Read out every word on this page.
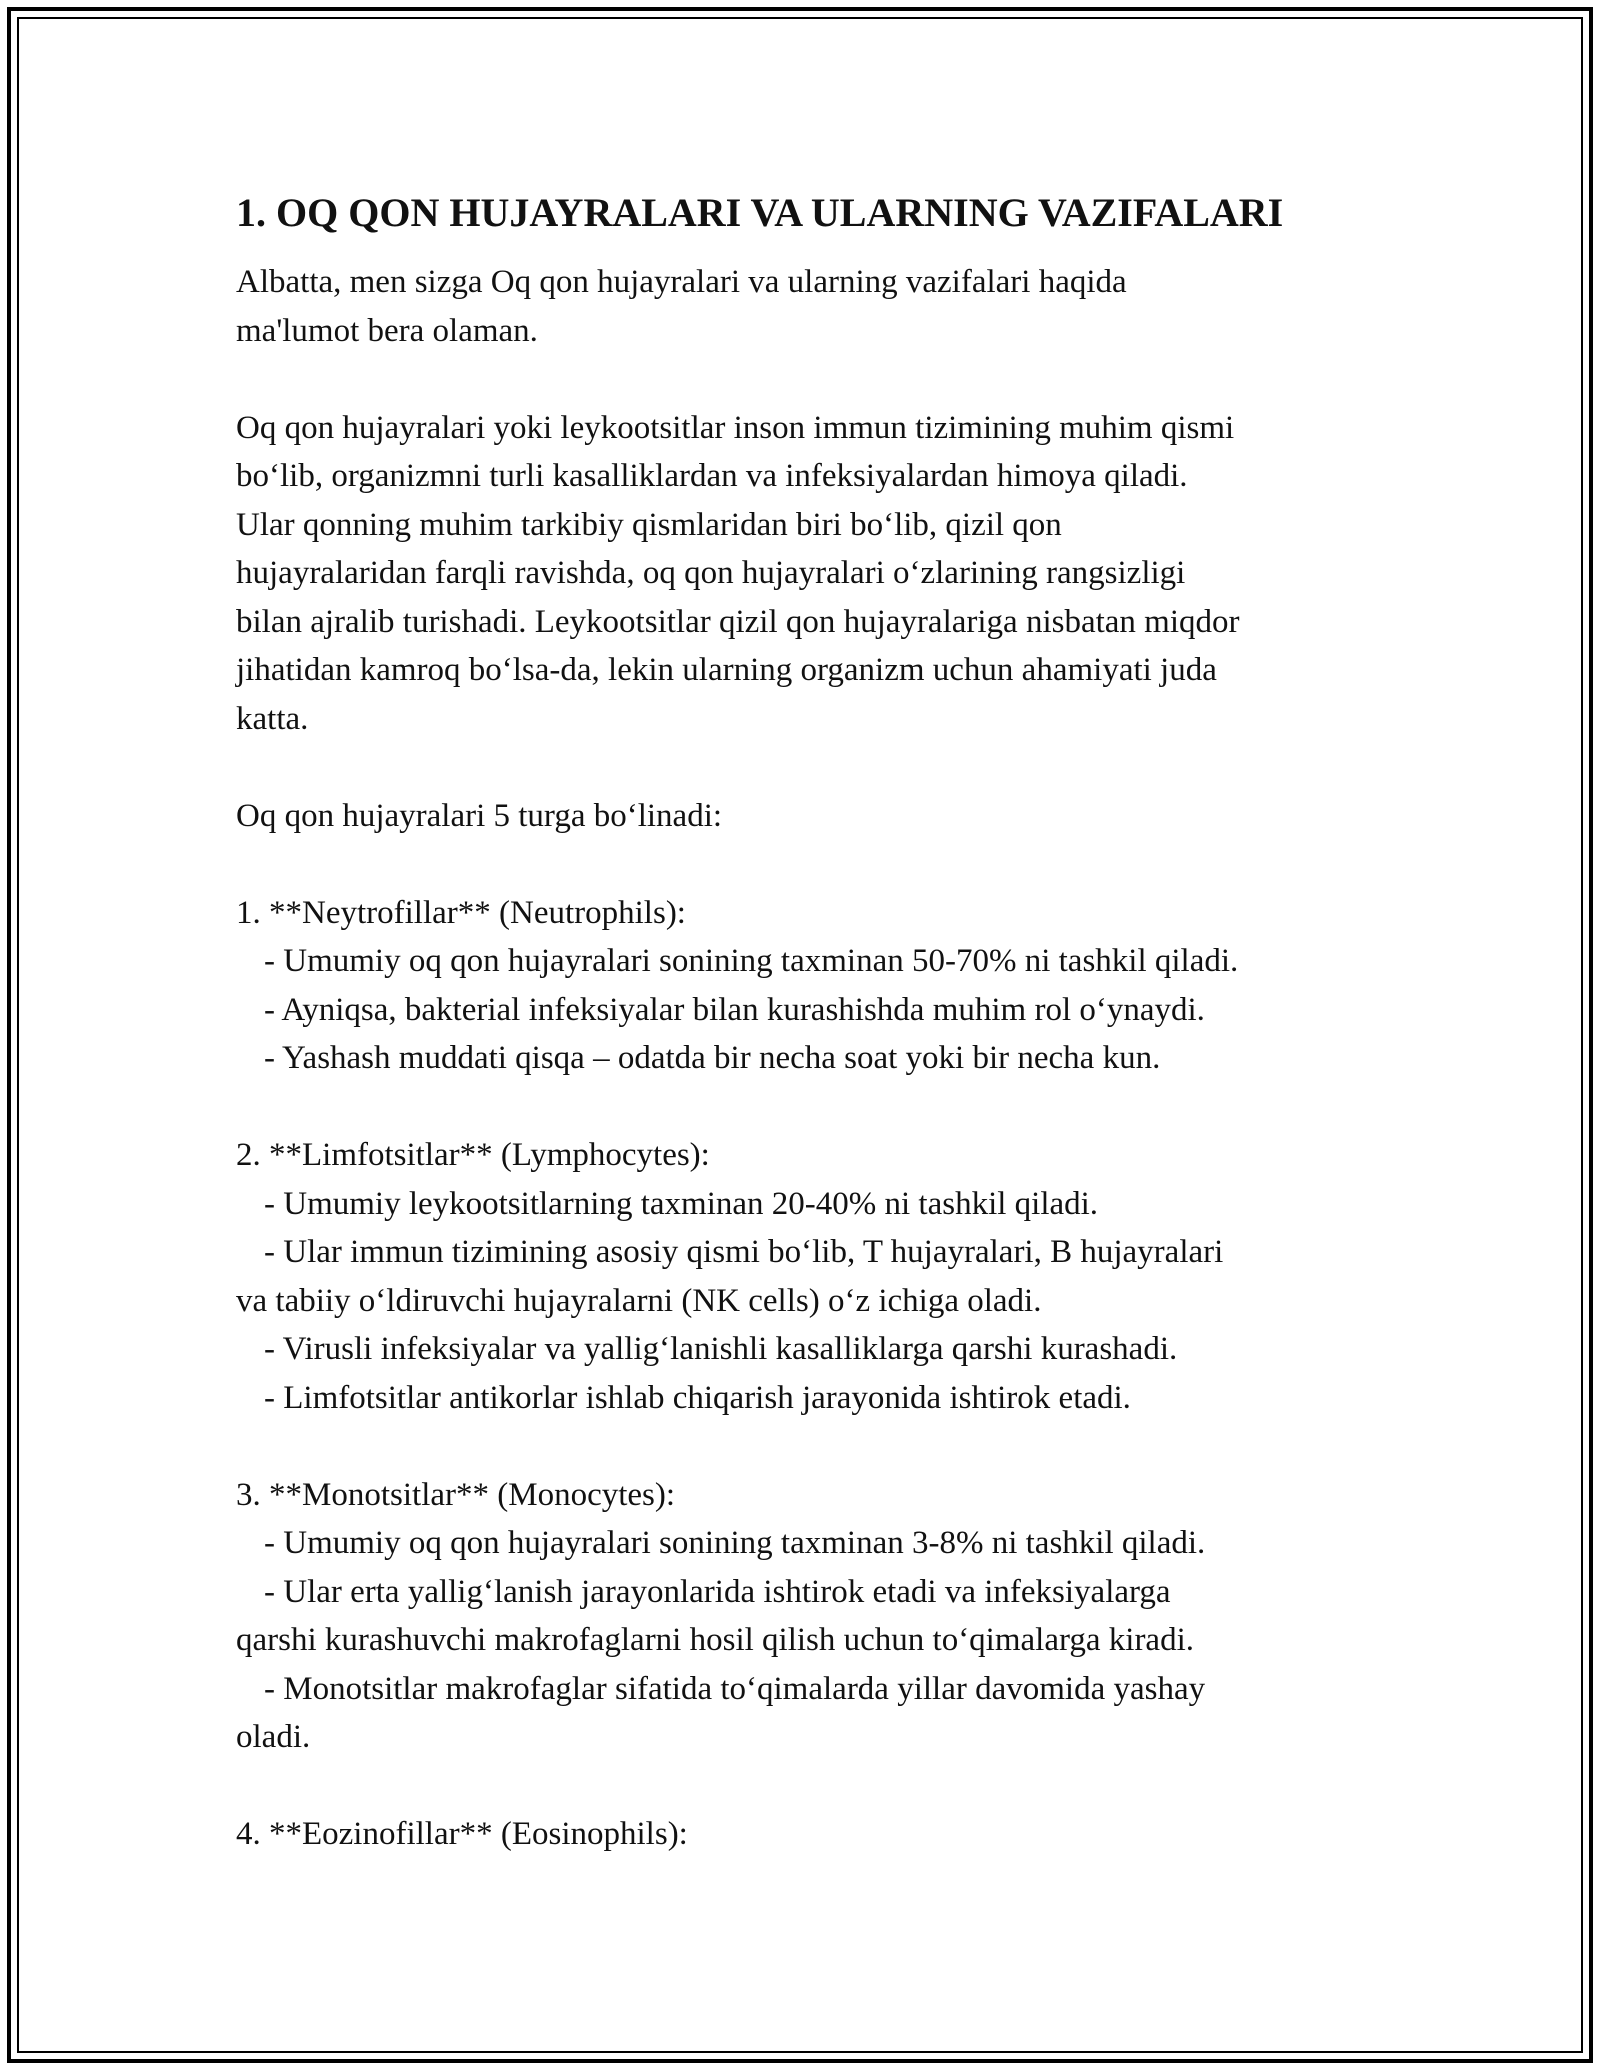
1. OQ QON HUJAYRALARI VA ULARNING VAZIFALARI
Albatta, men sizga Oq qon hujayralari va ularning vazifalari haqida
ma'lumot bera olaman.
Oq qon hujayralari yoki leykootsitlar inson immun tizimining muhim qismi
bo‘lib, organizmni turli kasalliklardan va infeksiyalardan himoya qiladi.
Ular qonning muhim tarkibiy qismlaridan biri bo‘lib, qizil qon
hujayralaridan farqli ravishda, oq qon hujayralari o‘zlarining rangsizligi
bilan ajralib turishadi. Leykootsitlar qizil qon hujayralariga nisbatan miqdor
jihatidan kamroq bo‘lsa-da, lekin ularning organizm uchun ahamiyati juda
katta.
Oq qon hujayralari 5 turga bo‘linadi:
1. **Neytrofillar** (Neutrophils):
- Umumiy oq qon hujayralari sonining taxminan 50-70% ni tashkil qiladi.
- Ayniqsa, bakterial infeksiyalar bilan kurashishda muhim rol o‘ynaydi.
- Yashash muddati qisqa – odatda bir necha soat yoki bir necha kun.
2. **Limfotsitlar** (Lymphocytes):
- Umumiy leykootsitlarning taxminan 20-40% ni tashkil qiladi.
- Ular immun tizimining asosiy qismi bo‘lib, T hujayralari, B hujayralari
va tabiiy o‘ldiruvchi hujayralarni (NK cells) o‘z ichiga oladi.
- Virusli infeksiyalar va yallig‘lanishli kasalliklarga qarshi kurashadi.
- Limfotsitlar antikorlar ishlab chiqarish jarayonida ishtirok etadi.
3. **Monotsitlar** (Monocytes):
- Umumiy oq qon hujayralari sonining taxminan 3-8% ni tashkil qiladi.
- Ular erta yallig‘lanish jarayonlarida ishtirok etadi va infeksiyalarga
qarshi kurashuvchi makrofaglarni hosil qilish uchun to‘qimalarga kiradi.
- Monotsitlar makrofaglar sifatida to‘qimalarda yillar davomida yashay
oladi.
4. **Eozinofillar** (Eosinophils):
